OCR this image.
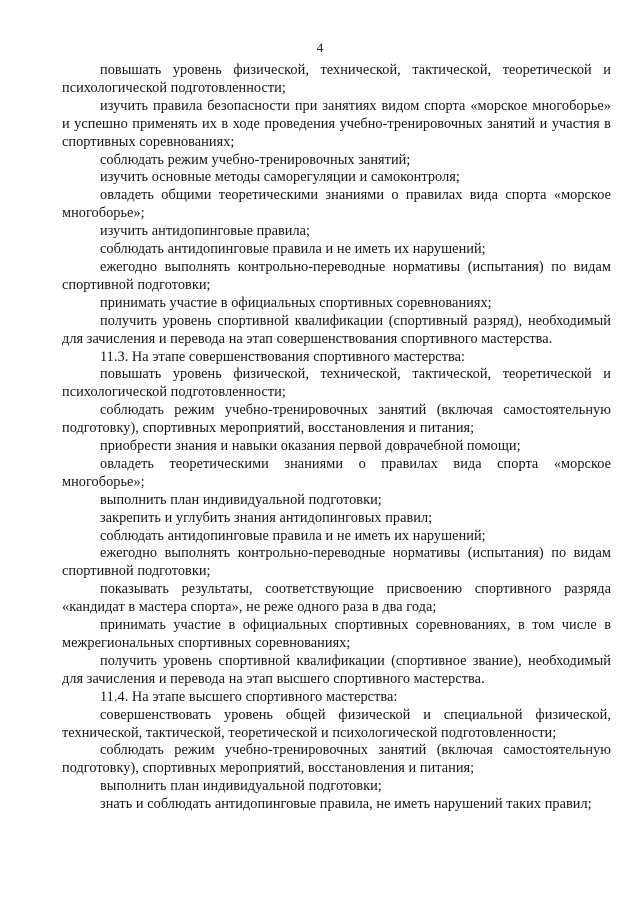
4

повышать уровень физической, технической, тактической, теоретической и психологической подготовленности;

изучить правила безопасности при занятиях видом спорта «морское многоборье» и успешно применять их в ходе проведения учебно-тренировочных занятий и участия в спортивных соревнованиях;

соблюдать режим учебно-тренировочных занятий;

изучить основные методы саморегуляции и самоконтроля;

овладеть общими теоретическими знаниями о правилах вида спорта «морское многоборье»;

изучить антидопинговые правила;

соблюдать антидопинговые правила и не иметь их нарушений;

ежегодно выполнять контрольно-переводные нормативы (испытания) по видам спортивной подготовки;

принимать участие в официальных спортивных соревнованиях;

получить уровень спортивной квалификации (спортивный разряд), необходимый для зачисления и перевода на этап совершенствования спортивного мастерства.

11.3. На этапе совершенствования спортивного мастерства:

повышать уровень физической, технической, тактической, теоретической и психологической подготовленности;

соблюдать режим учебно-тренировочных занятий (включая самостоятельную подготовку), спортивных мероприятий, восстановления и питания;

приобрести знания и навыки оказания первой доврачебной помощи;

овладеть теоретическими знаниями о правилах вида спорта «морское многоборье»;

выполнить план индивидуальной подготовки;

закрепить и углубить знания антидопинговых правил;

соблюдать антидопинговые правила и не иметь их нарушений;

ежегодно выполнять контрольно-переводные нормативы (испытания) по видам спортивной подготовки;

показывать результаты, соответствующие присвоению спортивного разряда «кандидат в мастера спорта», не реже одного раза в два года;

принимать участие в официальных спортивных соревнованиях, в том числе в межрегиональных спортивных соревнованиях;

получить уровень спортивной квалификации (спортивное звание), необходимый для зачисления и перевода на этап высшего спортивного мастерства.

11.4. На этапе высшего спортивного мастерства:

совершенствовать уровень общей физической и специальной физической, технической, тактической, теоретической и психологической подготовленности;

соблюдать режим учебно-тренировочных занятий (включая самостоятельную подготовку), спортивных мероприятий, восстановления и питания;

выполнить план индивидуальной подготовки;

знать и соблюдать антидопинговые правила, не иметь нарушений таких правил;
